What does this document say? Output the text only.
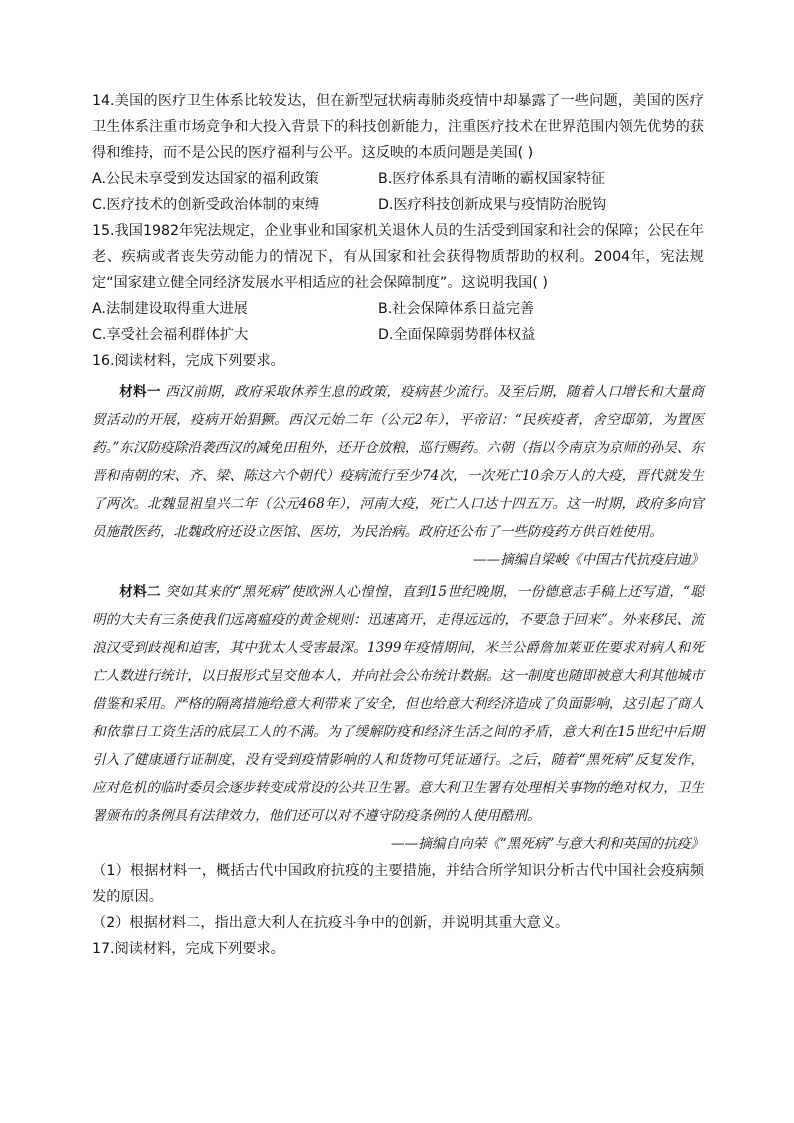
14.美国的医疗卫生体系比较发达，但在新型冠状病毒肺炎疫情中却暴露了一些问题，美国的医疗卫生体系注重市场竞争和大投入背景下的科技创新能力，注重医疗技术在世界范围内领先优势的获得和维持，而不是公民的医疗福利与公平。这反映的本质问题是美国( )

A.公民未享受到发达国家的福利政策	B.医疗体系具有清晰的霸权国家特征
C.医疗技术的创新受政治体制的束缚	D.医疗科技创新成果与疫情防治脱钩

15.我国1982年宪法规定，企业事业和国家机关退休人员的生活受到国家和社会的保障；公民在年老、疾病或者丧失劳动能力的情况下，有从国家和社会获得物质帮助的权利。2004年，宪法规定“国家建立健全同经济发展水平相适应的社会保障制度”。这说明我国( )

A.法制建设取得重大进展	B.社会保障体系日益完善
C.享受社会福利群体扩大	D.全面保障弱势群体权益

16.阅读材料，完成下列要求。

材料一 西汉前期，政府采取休养生息的政策，疫病甚少流行。及至后期，随着人口增长和大量商贸活动的开展，疫病开始猖獗。西汉元始二年（公元2年），平帝诏：“民疾疫者，舍空邸第，为置医药。”东汉防疫除沿袭西汉的减免田租外，还开仓放粮，巡行赐药。六朝（指以今南京为京师的孙吴、东晋和南朝的宋、齐、梁、陈这六个朝代）疫病流行至少74次，一次死亡10余万人的大疫，晋代就发生了两次。北魏显祖皇兴二年（公元468年），河南大疫，死亡人口达十四五万。这一时期，政府多向官员施散医药，北魏政府还设立医馆、医坊，为民治病。政府还公布了一些防疫药方供百姓使用。

——摘编自梁峻《中国古代抗疫启迪》

材料二 突如其来的“黑死病”使欧洲人心惶惶，直到15世纪晚期，一份德意志手稿上还写道，“聪明的大夫有三条使我们远离瘟疫的黄金规则：迅速离开，走得远远的，不要急于回来”。外来移民、流浪汉受到歧视和迫害，其中犹太人受害最深。1399年疫情期间，米兰公爵詹加莱亚佐要求对病人和死亡人数进行统计，以日报形式呈交他本人，并向社会公布统计数据。这一制度也随即被意大利其他城市借鉴和采用。严格的隔离措施给意大利带来了安全，但也给意大利经济造成了负面影响，这引起了商人和依靠日工资生活的底层工人的不满。为了缓解防疫和经济生活之间的矛盾，意大利在15世纪中后期引入了健康通行证制度，没有受到疫情影响的人和货物可凭证通行。之后，随着“黑死病”反复发作，应对危机的临时委员会逐步转变成常设的公共卫生署。意大利卫生署有处理相关事物的绝对权力，卫生署颁布的条例具有法律效力，他们还可以对不遵守防疫条例的人使用酷刑。

——摘编自向荣《“黑死病”与意大利和英国的抗疫》

（1）根据材料一，概括古代中国政府抗疫的主要措施，并结合所学知识分析古代中国社会疫病频发的原因。

（2）根据材料二，指出意大利人在抗疫斗争中的创新，并说明其重大意义。

17.阅读材料，完成下列要求。
